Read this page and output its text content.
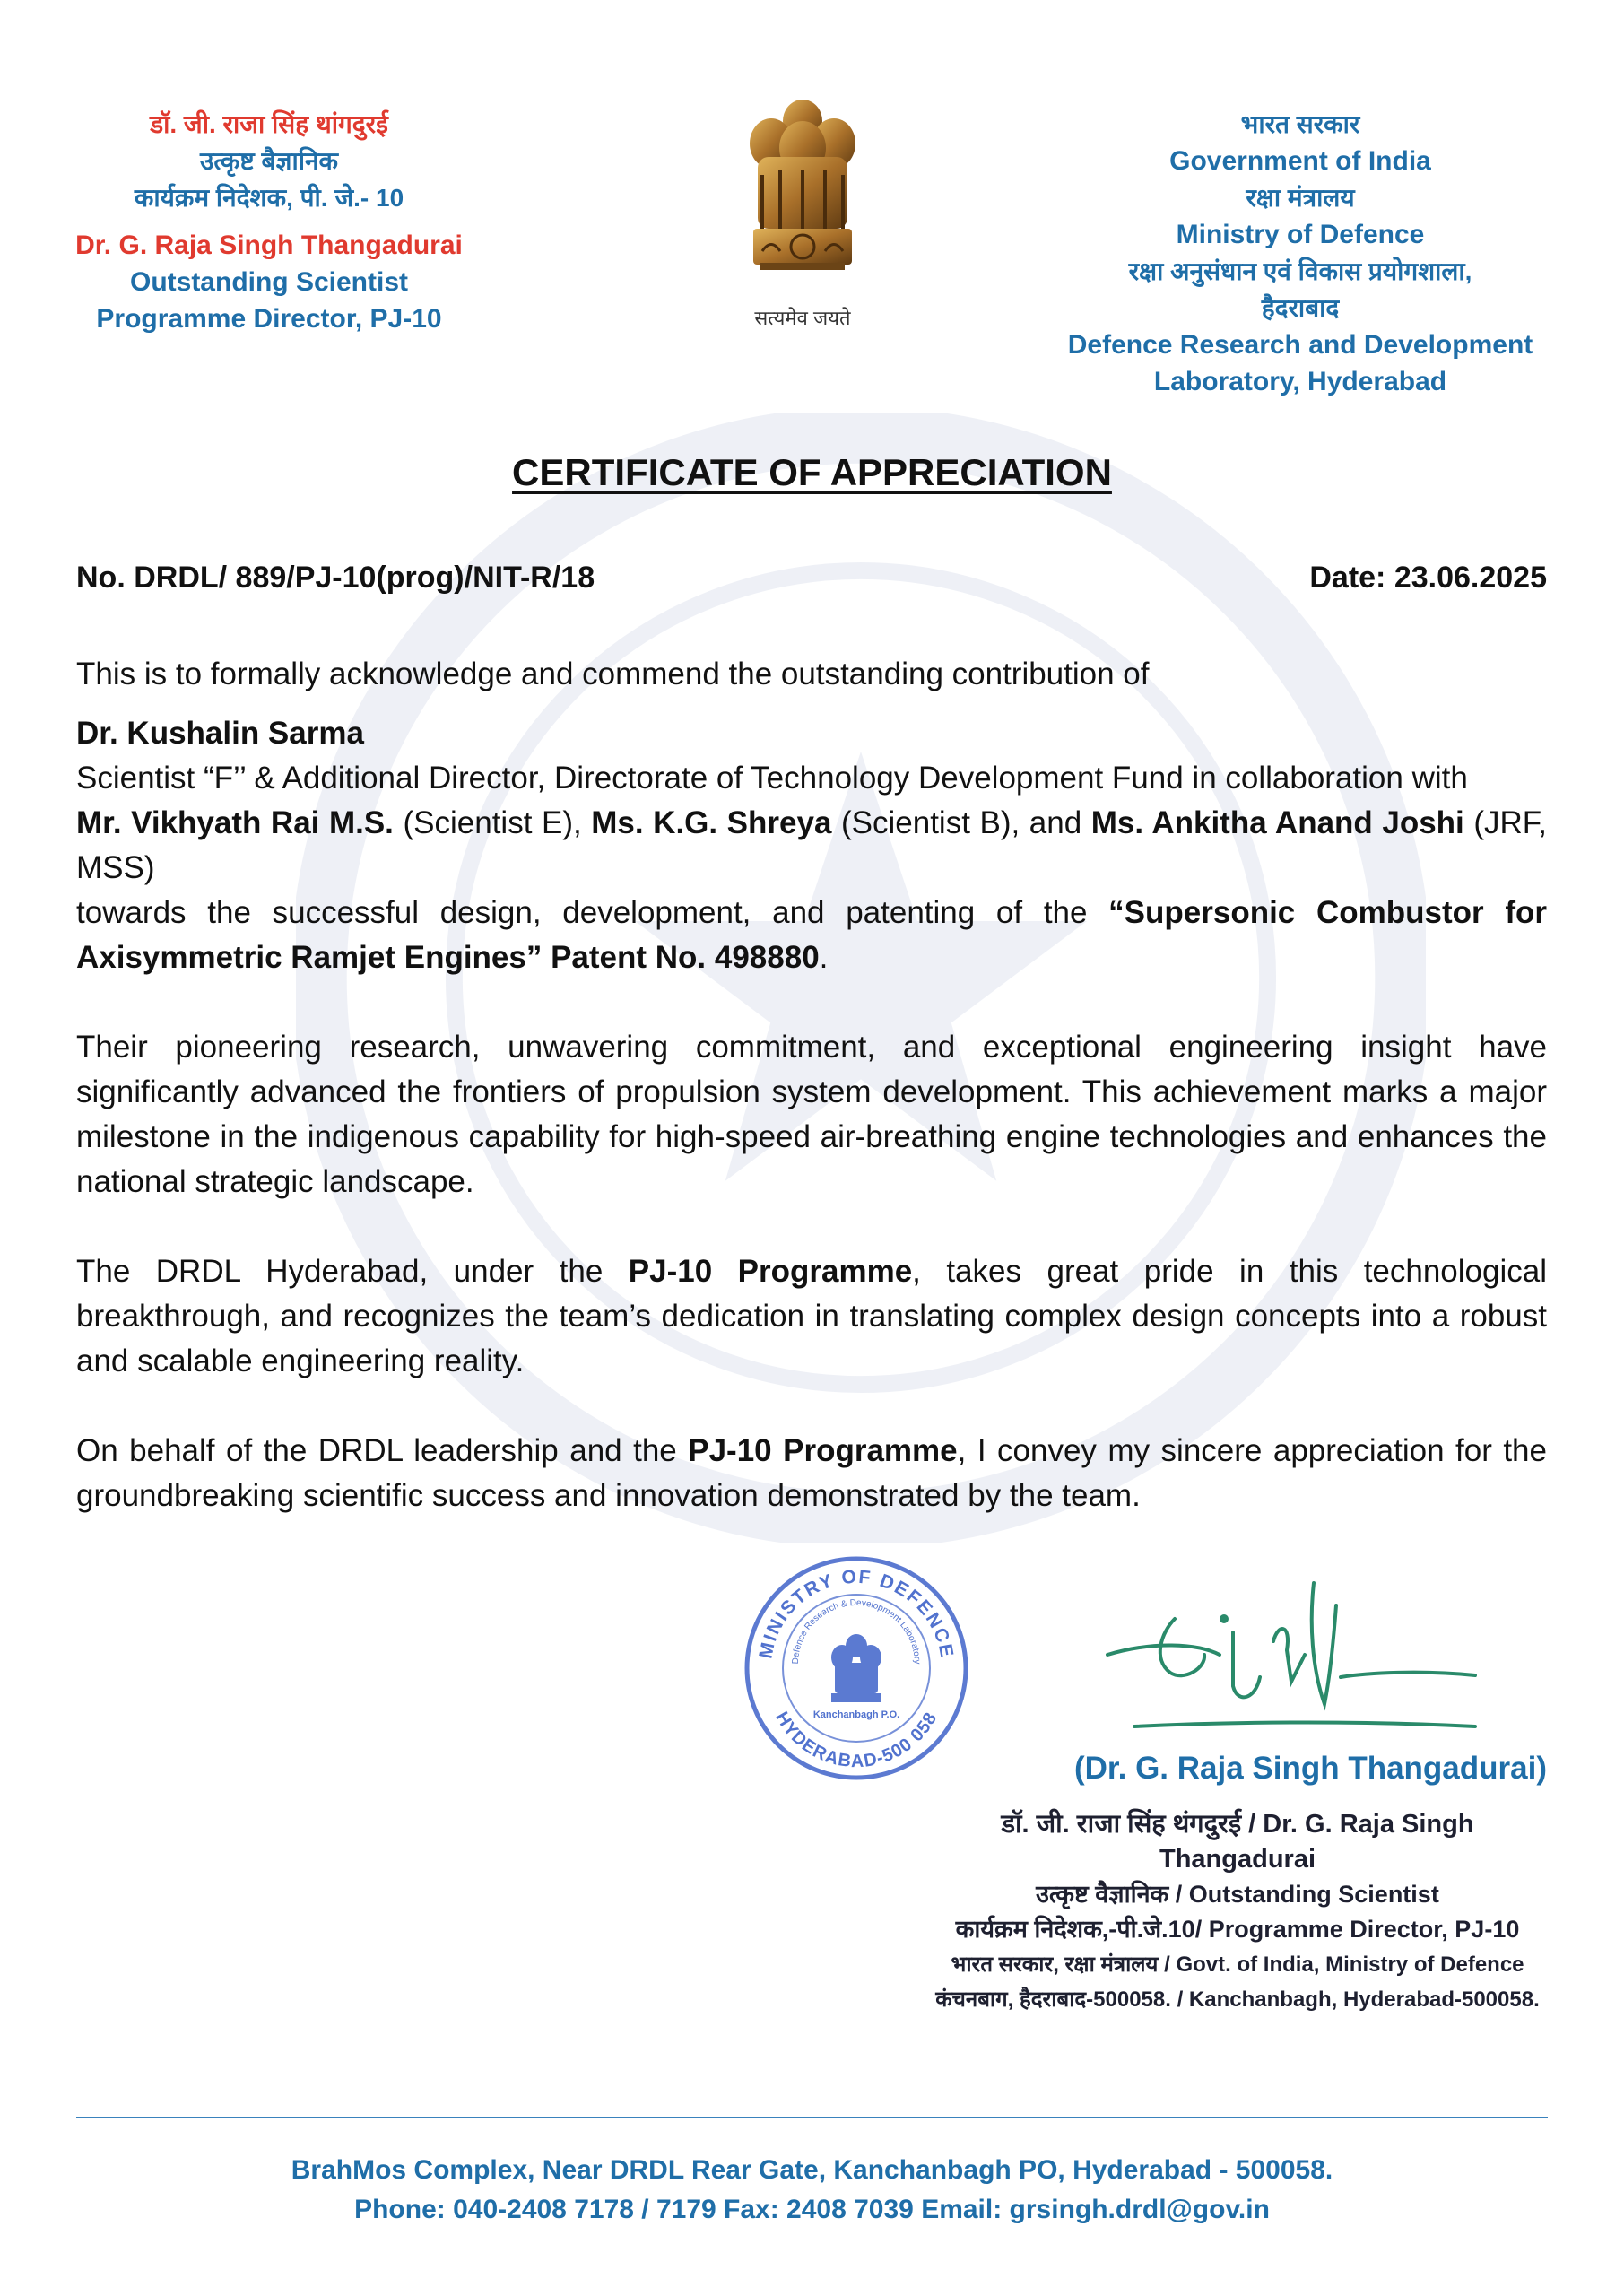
डॉ. जी. राजा सिंह थांगदुरई
उत्कृष्ट बैज्ञानिक
कार्यक्रम निदेशक, पी. जे.- 10
Dr. G. Raja Singh Thangadurai
Outstanding Scientist
Programme Director, PJ-10	सत्यमेव जयते
भारत सरकार
Government of India
रक्षा मंत्रालय
Ministry of Defence
रक्षा अनुसंधान एवं विकास प्रयोगशाला,
हैदराबाद
Defence Research and Development
Laboratory, Hyderabad
CERTIFICATE OF APPRECIATION
No. DRDL/ 889/PJ-10(prog)/NIT-R/18	Date: 23.06.2025

This is to formally acknowledge and commend the outstanding contribution of

Dr. Kushalin Sarma

Scientist “F’’ & Additional Director, Directorate of Technology Development Fund in collaboration with

Mr. Vikhyath Rai M.S. (Scientist E), Ms. K.G. Shreya (Scientist B), and Ms. Ankitha Anand Joshi (JRF, MSS)

towards the successful design, development, and patenting of the “Supersonic Combustor for Axisymmetric Ramjet Engines” Patent No. 498880.

Their pioneering research, unwavering commitment, and exceptional engineering insight have significantly advanced the frontiers of propulsion system development. This achievement marks a major milestone in the indigenous capability for high-speed air-breathing engine technologies and enhances the national strategic landscape.

The DRDL Hyderabad, under the PJ-10 Programme, takes great pride in this technological breakthrough, and recognizes the team’s dedication in translating complex design concepts into a robust and scalable engineering reality.

On behalf of the DRDL leadership and the PJ-10 Programme, I convey my sincere appreciation for the groundbreaking scientific success and innovation demonstrated by the team.

MINISTRY OF DEFENCE
Defence Research & Development Laboratory
HYDERABAD-500 058
Kanchanbagh P.O.
(Dr. G. Raja Singh Thangadurai)
डॉ. जी. राजा सिंह थंगदुरई / Dr. G. Raja Singh Thangadurai
उत्कृष्ट वैज्ञानिक / Outstanding Scientist
कार्यक्रम निदेशक,-पी.जे.10/ Programme Director, PJ-10
भारत सरकार, रक्षा मंत्रालय / Govt. of India, Ministry of Defence
कंचनबाग, हैदराबाद-500058. / Kanchanbagh, Hyderabad-500058.
BrahMos Complex, Near DRDL Rear Gate, Kanchanbagh PO, Hyderabad - 500058.
Phone: 040-2408 7178 / 7179 Fax: 2408 7039 Email: grsingh.drdl@gov.in
